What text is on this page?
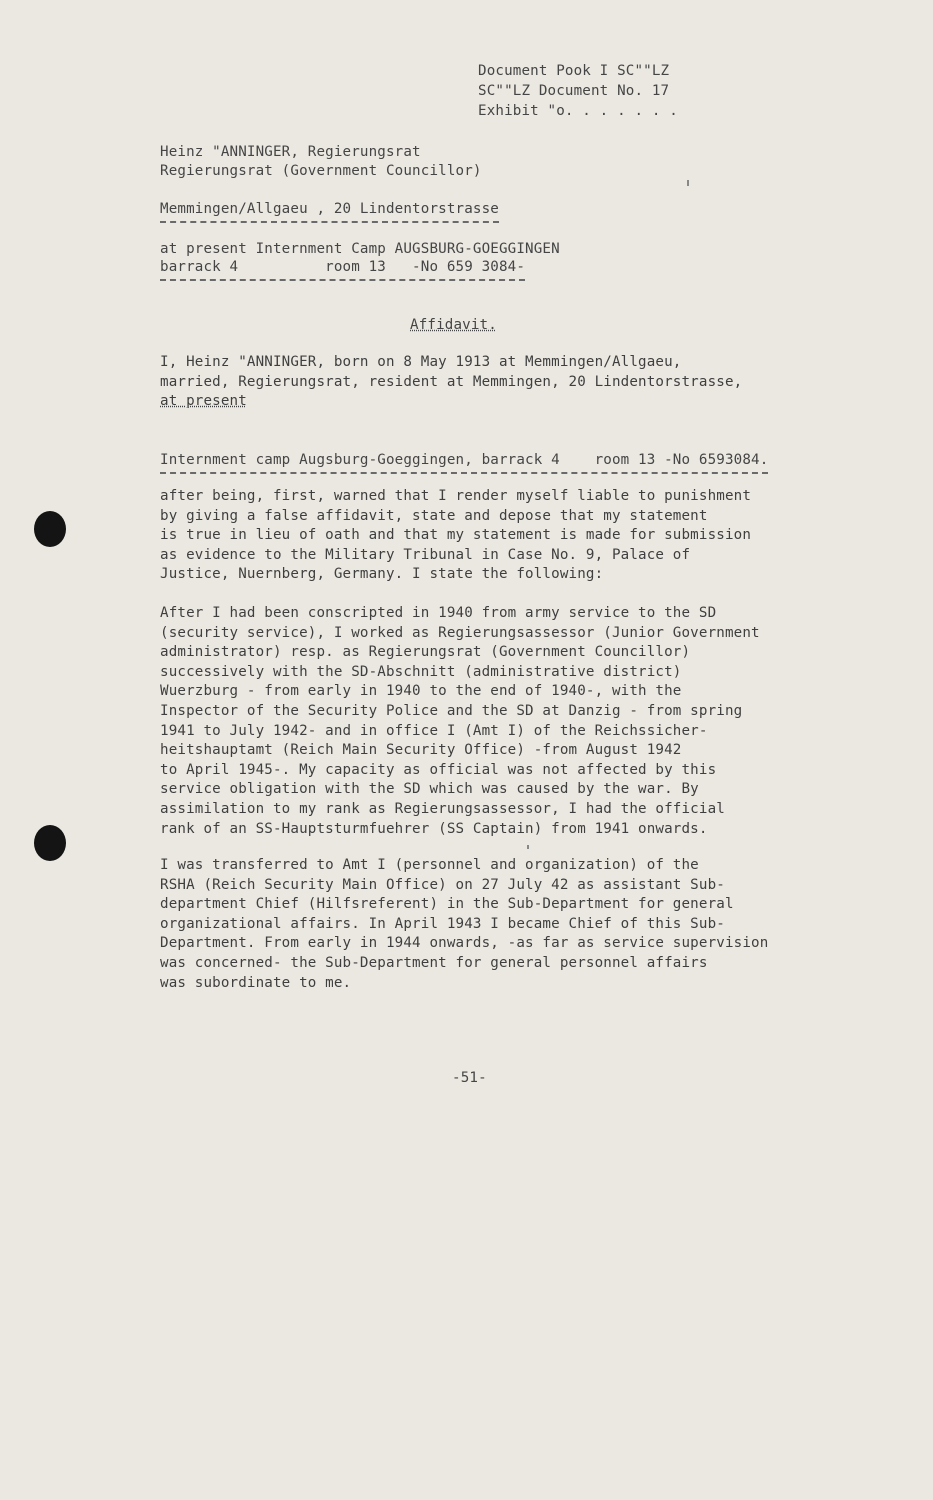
Document Pook I SC""LZ
SC""LZ Document No. 17
Exhibit "o. . . . . . .
Heinz "ANNINGER, Regierungsrat
Regierungsrat (Government Councillor)
Memmingen/Allgaeu , 20 Lindentorstrasse
at present Internment Camp AUGSBURG-GOEGGINGEN
barrack 4          room 13   -No 659 3084-
Affidavit.
I, Heinz "ANNINGER, born on 8 May 1913 at Memmingen/Allgaeu,
married, Regierungsrat, resident at Memmingen, 20 Lindentorstrasse,
at present
Internment camp Augsburg-Goeggingen, barrack 4    room 13 -No 6593084.
after being, first, warned that I render myself liable to punishment
by giving a false affidavit, state and depose that my statement
is true in lieu of oath and that my statement is made for submission
as evidence to the Military Tribunal in Case No. 9, Palace of
Justice, Nuernberg, Germany. I state the following:
After I had been conscripted in 1940 from army service to the SD
(security service), I worked as Regierungsassessor (Junior Government
administrator) resp. as Regierungsrat (Government Councillor)
successively with the SD-Abschnitt (administrative district)
Wuerzburg - from early in 1940 to the end of 1940-, with the
Inspector of the Security Police and the SD at Danzig - from spring
1941 to July 1942- and in office I (Amt I) of the Reichssicher-
heitshauptamt (Reich Main Security Office) -from August 1942
to April 1945-. My capacity as official was not affected by this
service obligation with the SD which was caused by the war. By
assimilation to my rank as Regierungsassessor, I had the official
rank of an SS-Hauptsturmfuehrer (SS Captain) from 1941 onwards.
I was transferred to Amt I (personnel and organization) of the
RSHA (Reich Security Main Office) on 27 July 42 as assistant Sub-
department Chief (Hilfsreferent) in the Sub-Department for general
organizational affairs. In April 1943 I became Chief of this Sub-
Department. From early in 1944 onwards, -as far as service supervision
was concerned- the Sub-Department for general personnel affairs
was subordinate to me.
-51-
